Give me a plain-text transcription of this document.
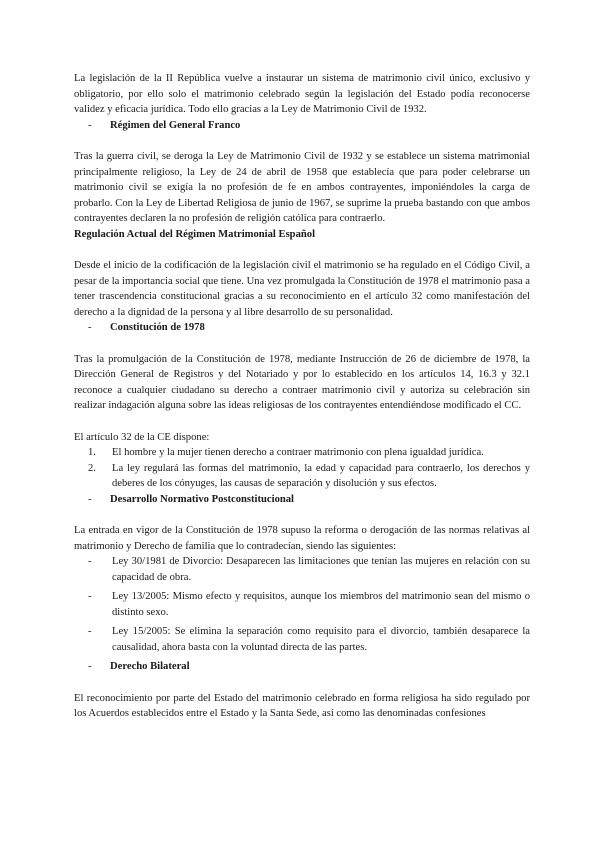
La legislación de la II República vuelve a instaurar un sistema de matrimonio civil único, exclusivo y obligatorio, por ello solo el matrimonio celebrado según la legislación del Estado podía reconocerse validez y eficacia jurídica. Todo ello gracias a la Ley de Matrimonio Civil de 1932.

-	Régimen del General Franco

Tras la guerra civil, se deroga la Ley de Matrimonio Civil de 1932 y se establece un sistema matrimonial principalmente religioso, la Ley de 24 de abril de 1958 que establecía que para poder celebrarse un matrimonio civil se exigía la no profesión de fe en ambos contrayentes, imponiéndoles la carga de probarlo. Con la Ley de Libertad Religiosa de junio de 1967, se suprime la prueba bastando con que ambos contrayentes declaren la no profesión de religión católica para contraerlo.

Regulación Actual del Régimen Matrimonial Español

Desde el inicio de la codificación de la legislación civil el matrimonio se ha regulado en el Código Civil, a pesar de la importancia social que tiene. Una vez promulgada la Constitución de 1978 el matrimonio pasa a tener trascendencia constitucional gracias a su reconocimiento en el artículo 32 como manifestación del derecho a la dignidad de la persona y al libre desarrollo de su personalidad.

-	Constitución de 1978

Tras la promulgación de la Constitución de 1978, mediante Instrucción de 26 de diciembre de 1978, la Dirección General de Registros y del Notariado y por lo establecido en los artículos 14, 16.3 y 32.1 reconoce a cualquier ciudadano su derecho a contraer matrimonio civil y autoriza su celebración sin realizar indagación alguna sobre las ideas religiosas de los contrayentes entendiéndose modificado el CC.

El artículo 32 de la CE dispone:

1.	El hombre y la mujer tienen derecho a contraer matrimonio con plena igualdad jurídica.
2.	La ley regulará las formas del matrimonio, la edad y capacidad para contraerlo, los derechos y deberes de los cónyuges, las causas de separación y disolución y sus efectos.
-	Desarrollo Normativo Postconstitucional

La entrada en vigor de la Constitución de 1978 supuso la reforma o derogación de las normas relativas al matrimonio y Derecho de familia que lo contradecían, siendo las siguientes:

-	Ley 30/1981 de Divorcio: Desaparecen las limitaciones que tenían las mujeres en relación con su capacidad de obra.
-	Ley 13/2005: Mismo efecto y requisitos, aunque los miembros del matrimonio sean del mismo o distinto sexo.
-	Ley 15/2005: Se elimina la separación como requisito para el divorcio, también desaparece la causalidad, ahora basta con la voluntad directa de las partes.
-	Derecho Bilateral

El reconocimiento por parte del Estado del matrimonio celebrado en forma religiosa ha sido regulado por los Acuerdos establecidos entre el Estado y la Santa Sede, así como las denominadas confesiones
